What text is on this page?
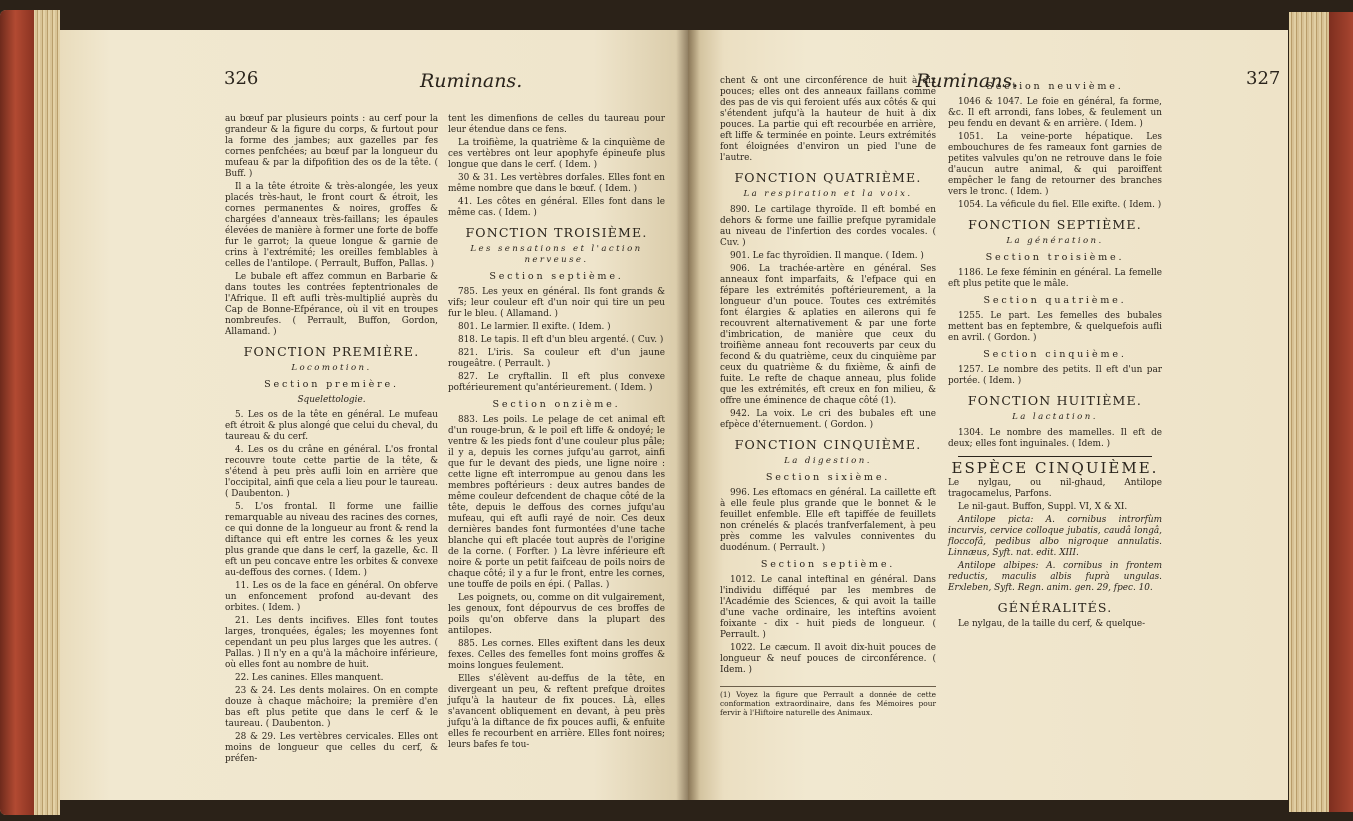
326	Ruminans.

au bœuf par plusieurs points : au cerf pour la grandeur & la figure du corps, & furtout pour la forme des jambes; aux gazelles par fes cornes penfchées; au bœuf par la longueur du mufeau & par la difpofition des os de la tête. ( Buff. )

Il a la tête étroite & très-alongée, les yeux placés très-haut, le front court & étroit, les cornes permanentes & noires, groffes & chargées d'anneaux très-faillans; les épaules élevées de manière à former une forte de boffe fur le garrot; la queue longue & garnie de crins à l'extrémité; les oreilles femblables à celles de l'antilope. ( Perrault, Buffon, Pallas. )

Le bubale eft affez commun en Barbarie & dans toutes les contrées feptentrionales de l'Afrique. Il eft aufli très-multiplié auprès du Cap de Bonne-Efpérance, où il vit en troupes nombreufes. ( Perrault, Buffon, Gordon, Allamand. )

FONCTION PREMIÈRE.
Locomotion.
Section première.
Squelettologie.

5. Les os de la tête en général. Le mufeau eft étroit & plus alongé que celui du cheval, du taureau & du cerf.

4. Les os du crâne en général. L'os frontal recouvre toute cette partie de la tête, & s'étend à peu près aufli loin en arrière que l'occipital, ainfi que cela a lieu pour le taureau. ( Daubenton. )

5. L'os frontal. Il forme une faillie remarquable au niveau des racines des cornes, ce qui donne de la longueur au front & rend la diftance qui eft entre les cornes & les yeux plus grande que dans le cerf, la gazelle, &c. Il eft un peu concave entre les orbites & convexe au-deffous des cornes. ( Idem. )

11. Les os de la face en général. On obferve un enfoncement profond au-devant des orbites. ( Idem. )

21. Les dents incifives. Elles font toutes larges, tronquées, égales; les moyennes font cependant un peu plus larges que les autres. ( Pallas. ) Il n'y en a qu'à la mâchoire inférieure, où elles font au nombre de huit.

22. Les canines. Elles manquent.

23 & 24. Les dents molaires. On en compte douze à chaque mâchoire; la première d'en bas eft plus petite que dans le cerf & le taureau. ( Daubenton. )

28 & 29. Les vertèbres cervicales. Elles ont moins de longueur que celles du cerf, & préfen-

tent les dimenfions de celles du taureau pour leur étendue dans ce fens.

La troifième, la quatrième & la cinquième de ces vertèbres ont leur apophyfe épineufe plus longue que dans le cerf. ( Idem. )

30 & 31. Les vertèbres dorfales. Elles font en même nombre que dans le bœuf. ( Idem. )

41. Les côtes en général. Elles font dans le même cas. ( Idem. )

FONCTION TROISIÈME.
Les sensations et l'action nerveuse.
Section septième.

785. Les yeux en général. Ils font grands & vifs; leur couleur eft d'un noir qui tire un peu fur le bleu. ( Allamand. )

801. Le larmier. Il exifte. ( Idem. )

818. Le tapis. Il eft d'un bleu argenté. ( Cuv. )

821. L'iris. Sa couleur eft d'un jaune rougeâtre. ( Perrault. )

827. Le cryftallin. Il eft plus convexe poftérieurement qu'antérieurement. ( Idem. )

Section onzième.

883. Les poils. Le pelage de cet animal eft d'un rouge-brun, & le poil eft liffe & ondoyé; le ventre & les pieds font d'une couleur plus pâle; il y a, depuis les cornes jufqu'au garrot, ainfi que fur le devant des pieds, une ligne noire : cette ligne eft interrompue au genou dans les membres poftérieurs : deux autres bandes de même couleur defcendent de chaque côté de la tête, depuis le deffous des cornes jufqu'au mufeau, qui eft aufli rayé de noir. Ces deux dernières bandes font furmontées d'une tache blanche qui eft placée tout auprès de l'origine de la corne. ( Forfter. ) La lèvre inférieure eft noire & porte un petit faifceau de poils noirs de chaque côté; il y a fur le front, entre les cornes, une touffe de poils en épi. ( Pallas. )

Les poignets, ou, comme on dit vulgairement, les genoux, font dépourvus de ces broffes de poils qu'on obferve dans la plupart des antilopes.

885. Les cornes. Elles exiftent dans les deux fexes. Celles des femelles font moins groffes & moins longues feulement.

Elles s'élèvent au-deffus de la tête, en divergeant un peu, & reftent prefque droites jufqu'à la hauteur de fix pouces. Là, elles s'avancent obliquement en devant, à peu près jufqu'à la diftance de fix pouces aufli, & enfuite elles fe recourbent en arrière. Elles font noires; leurs bafes fe tou-

Ruminans.	327

chent & ont une circonférence de huit à dix pouces; elles ont des anneaux faillans comme des pas de vis qui feroient ufés aux côtés & qui s'étendent jufqu'à la hauteur de huit à dix pouces. La partie qui eft recourbée en arrière, eft liffe & terminée en pointe. Leurs extrémités font éloignées d'environ un pied l'une de l'autre.

FONCTION QUATRIÈME.
La respiration et la voix.

890. Le cartilage thyroïde. Il eft bombé en dehors & forme une faillie prefque pyramidale au niveau de l'infertion des cordes vocales. ( Cuv. )

901. Le fac thyroïdien. Il manque. ( Idem. )

906. La trachée-artère en général. Ses anneaux font imparfaits, & l'efpace qui en fépare les extrémités poftérieurement, a la longueur d'un pouce. Toutes ces extrémités font élargies & aplaties en ailerons qui fe recouvrent alternativement & par une forte d'imbrication, de manière que ceux du troifième anneau font recouverts par ceux du fecond & du quatrième, ceux du cinquième par ceux du quatrième & du fixième, & ainfi de fuite. Le refte de chaque anneau, plus folide que les extrémités, eft creux en fon milieu, & offre une éminence de chaque côté (1).

942. La voix. Le cri des bubales eft une efpèce d'éternuement. ( Gordon. )

FONCTION CINQUIÈME.
La digestion.
Section sixième.

996. Les eftomacs en général. La caillette eft à elle feule plus grande que le bonnet & le feuillet enfemble. Elle eft tapiffée de feuillets non crénelés & placés tranfverfalement, à peu près comme les valvules conniventes du duodénum. ( Perrault. )

Section septième.

1012. Le canal inteftinal en général. Dans l'individu difféqué par les membres de l'Académie des Sciences, & qui avoit la taille d'une vache ordinaire, les inteftins avoient foixante - dix - huit pieds de longueur. ( Perrault. )

1022. Le cæcum. Il avoit dix-huit pouces de longueur & neuf pouces de circonférence. ( Idem. )

(1) Voyez la figure que Perrault a donnée de cette conformation extraordinaire, dans fes Mémoires pour fervir à l'Hiftoire naturelle des Animaux.
Section neuvième.

1046 & 1047. Le foie en général, fa forme, &c. Il eft arrondi, fans lobes, & feulement un peu fendu en devant & en arrière. ( Idem. )

1051. La veine-porte hépatique. Les embouchures de fes rameaux font garnies de petites valvules qu'on ne retrouve dans le foie d'aucun autre animal, & qui paroiffent empêcher le fang de retourner des branches vers le tronc. ( Idem. )

1054. La véficule du fiel. Elle exifte. ( Idem. )

FONCTION SEPTIÈME.
La génération.
Section troisième.

1186. Le fexe féminin en général. La femelle eft plus petite que le mâle.

Section quatrième.

1255. Le part. Les femelles des bubales mettent bas en feptembre, & quelquefois aufli en avril. ( Gordon. )

Section cinquième.

1257. Le nombre des petits. Il eft d'un par portée. ( Idem. )

FONCTION HUITIÈME.
La lactation.

1304. Le nombre des mamelles. Il eft de deux; elles font inguinales. ( Idem. )

ESPÈCE CINQUIÈME.

Le nylgau, ou nil-ghaud, Antilope tragocamelus, Parfons.

Le nil-gaut. Buffon, Suppl. VI, X & XI.

Antilope picta: A. cornibus introrfùm incurvis, cervice colloque jubatis, caudâ longâ, floccofâ, pedibus albo nigroque annulatis. Linnæus, Syft. nat. edit. XIII.

Antilope albipes: A. cornibus in frontem reductis, maculis albis fuprà ungulas. Erxleben, Syft. Regn. anim. gen. 29, fpec. 10.

GÉNÉRALITÉS.

Le nylgau, de la taille du cerf, & quelque-
